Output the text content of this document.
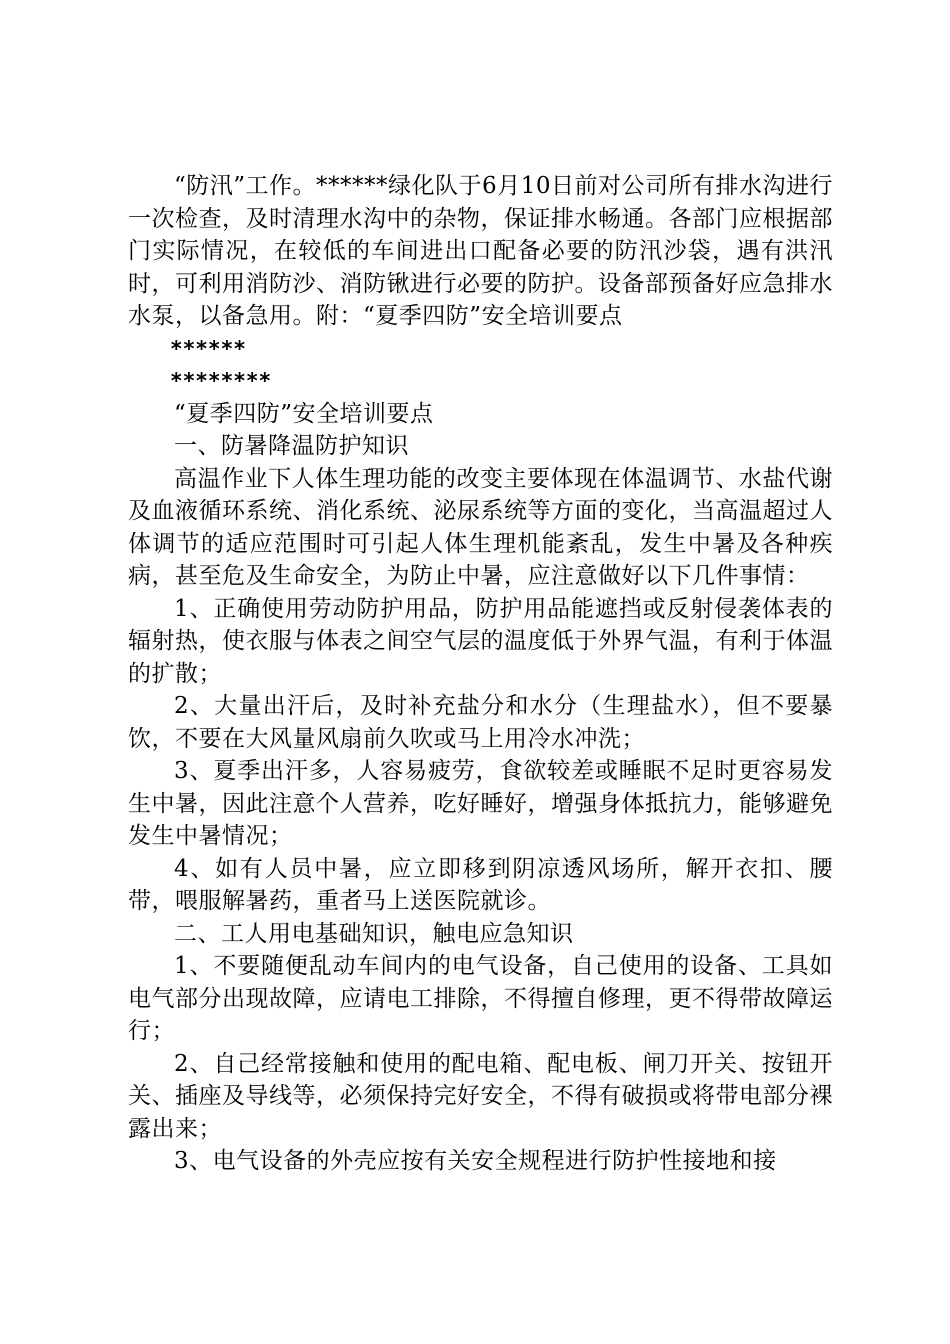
“防汛”工作。******绿化队于6月10日前对公司所有排水沟进行一次检查，及时清理水沟中的杂物，保证排水畅通。各部门应根据部门实际情况，在较低的车间进出口配备必要的防汛沙袋，遇有洪汛时，可利用消防沙、消防锹进行必要的防护。设备部预备好应急排水水泵，以备急用。附：“夏季四防”安全培训要点

******

********

“夏季四防”安全培训要点

一、防暑降温防护知识

高温作业下人体生理功能的改变主要体现在体温调节、水盐代谢及血液循环系统、消化系统、泌尿系统等方面的变化，当高温超过人体调节的适应范围时可引起人体生理机能紊乱，发生中暑及各种疾病，甚至危及生命安全，为防止中暑，应注意做好以下几件事情：

1、正确使用劳动防护用品，防护用品能遮挡或反射侵袭体表的辐射热，使衣服与体表之间空气层的温度低于外界气温，有利于体温的扩散；

2、大量出汗后，及时补充盐分和水分（生理盐水），但不要暴饮，不要在大风量风扇前久吹或马上用冷水冲洗；

3、夏季出汗多，人容易疲劳，食欲较差或睡眠不足时更容易发生中暑，因此注意个人营养，吃好睡好，增强身体抵抗力，能够避免发生中暑情况；

4、如有人员中暑，应立即移到阴凉透风场所，解开衣扣、腰带，喂服解暑药，重者马上送医院就诊。

二、工人用电基础知识，触电应急知识

1、不要随便乱动车间内的电气设备，自己使用的设备、工具如电气部分出现故障，应请电工排除，不得擅自修理，更不得带故障运行；

2、自己经常接触和使用的配电箱、配电板、闸刀开关、按钮开关、插座及导线等，必须保持完好安全，不得有破损或将带电部分裸露出来；

3、电气设备的外壳应按有关安全规程进行防护性接地和接
